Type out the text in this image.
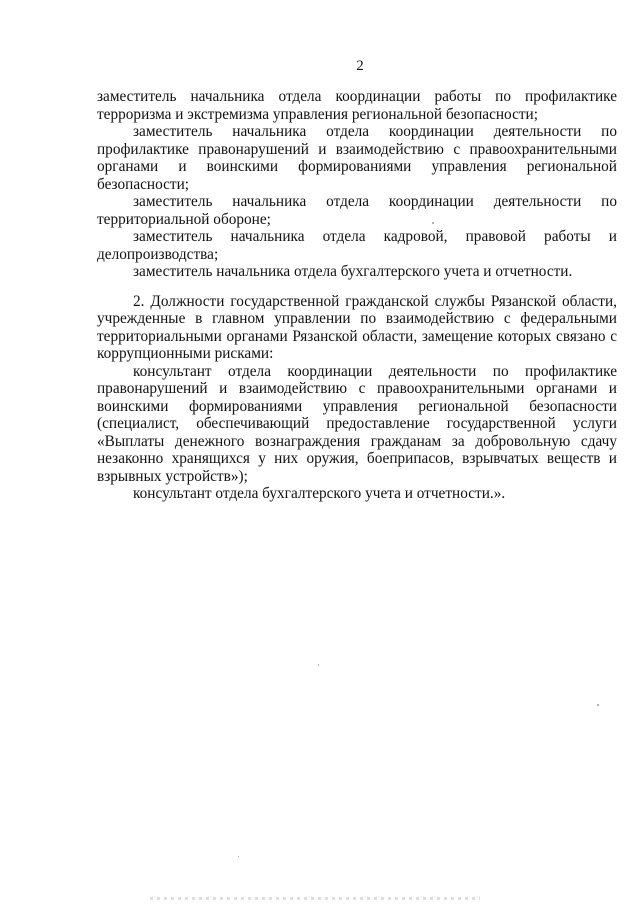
2

заместитель начальника отдела координации работы по профилактике терроризма и экстремизма управления региональной безопасности;

заместитель начальника отдела координации деятельности по профилактике правонарушений и взаимодействию с правоохранительными органами и воинскими формированиями управления региональной безопасности;

заместитель начальника отдела координации деятельности по территориальной обороне;

заместитель начальника отдела кадровой, правовой работы и делопроизводства;

заместитель начальника отдела бухгалтерского учета и отчетности.

2. Должности государственной гражданской службы Рязанской области, учрежденные в главном управлении по взаимодействию с федеральными территориальными органами Рязанской области, замещение которых связано с коррупционными рисками:

консультант отдела координации деятельности по профилактике правонарушений и взаимодействию с правоохранительными органами и воинскими формированиями управления региональной безопасности (специалист, обеспечивающий предоставление государственной услуги «Выплаты денежного вознаграждения гражданам за добровольную сдачу незаконно хранящихся у них оружия, боеприпасов, взрывчатых веществ и взрывных устройств»);

консультант отдела бухгалтерского учета и отчетности.».
